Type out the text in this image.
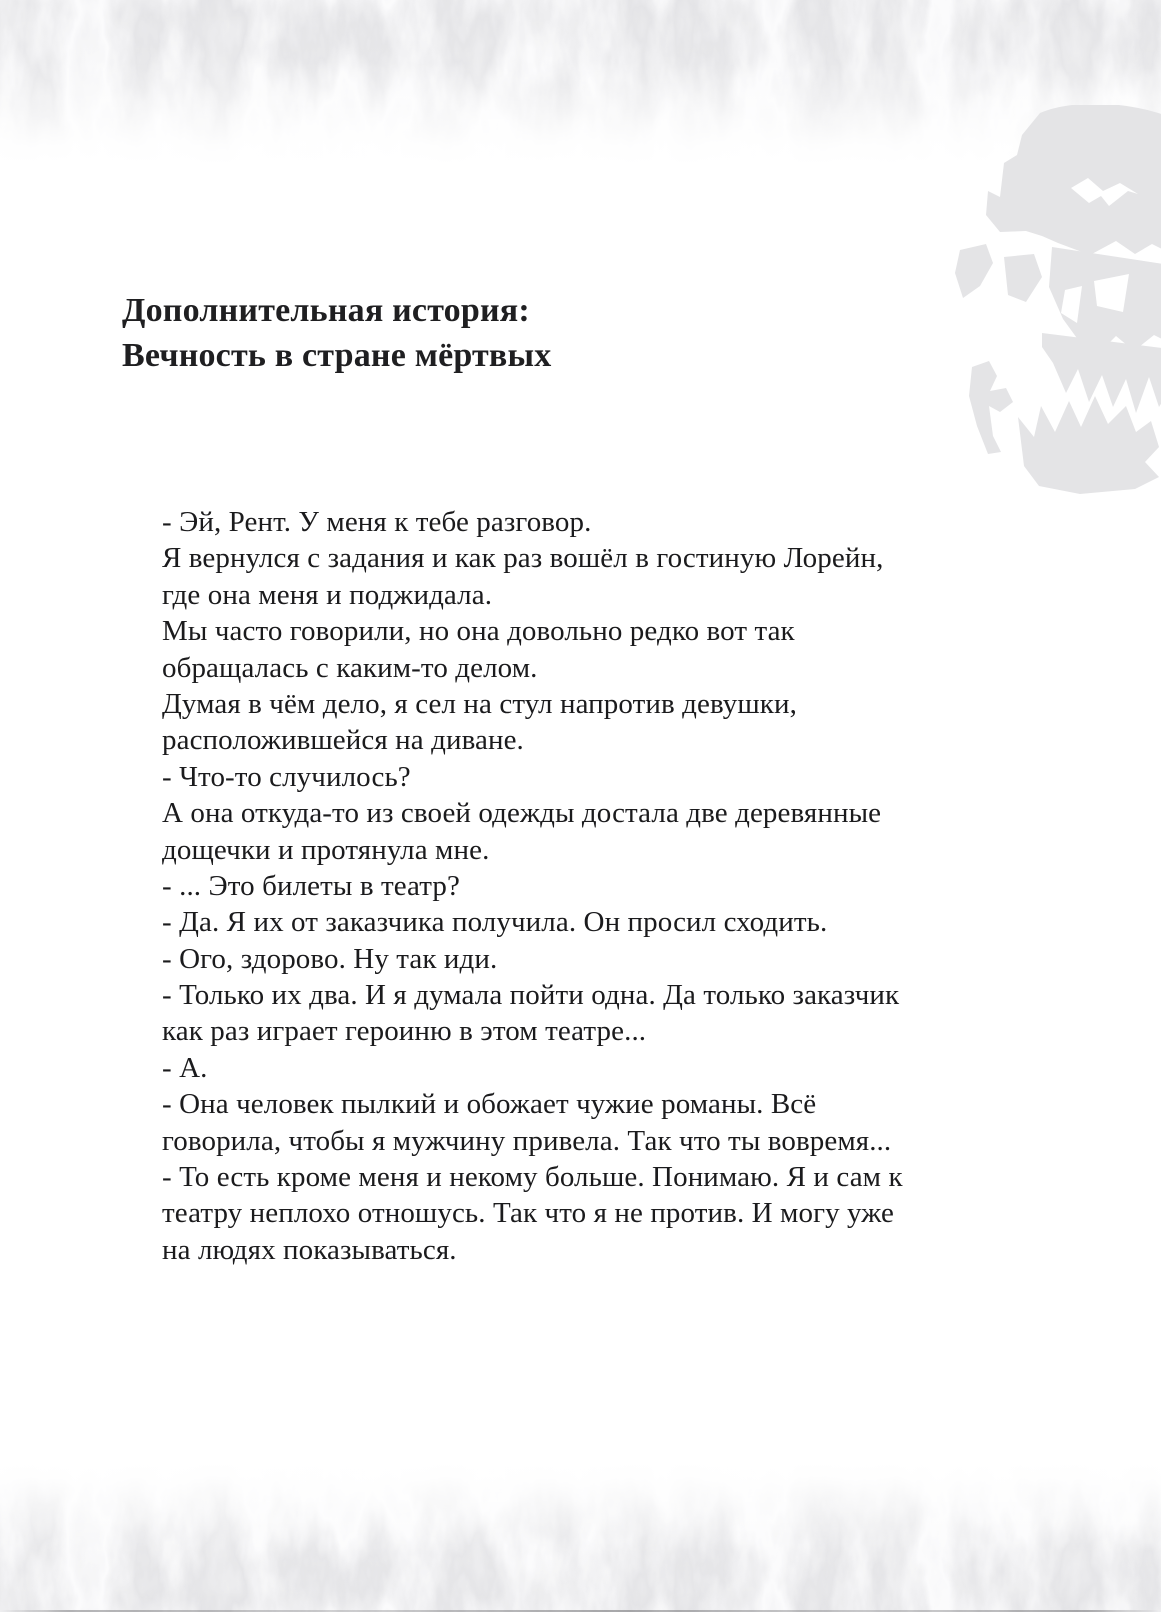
Дополнительная история:
Вечность в стране мёртвых
- Эй, Рент. У меня к тебе разговор.
Я вернулся с задания и как раз вошёл в гостиную Лорейн,
где она меня и поджидала.
Мы часто говорили, но она довольно редко вот так
обращалась с каким-то делом.
Думая в чём дело, я сел на стул напротив девушки,
расположившейся на диване.
- Что-то случилось?
А она откуда-то из своей одежды достала две деревянные
дощечки и протянула мне.
- ... Это билеты в театр?
- Да. Я их от заказчика получила. Он просил сходить.
- Ого, здорово. Ну так иди.
- Только их два. И я думала пойти одна. Да только заказчик
как раз играет героиню в этом театре...
- А.
- Она человек пылкий и обожает чужие романы. Всё
говорила, чтобы я мужчину привела. Так что ты вовремя...
- То есть кроме меня и некому больше. Понимаю. Я и сам к
театру неплохо отношусь. Так что я не против. И могу уже
на людях показываться.
